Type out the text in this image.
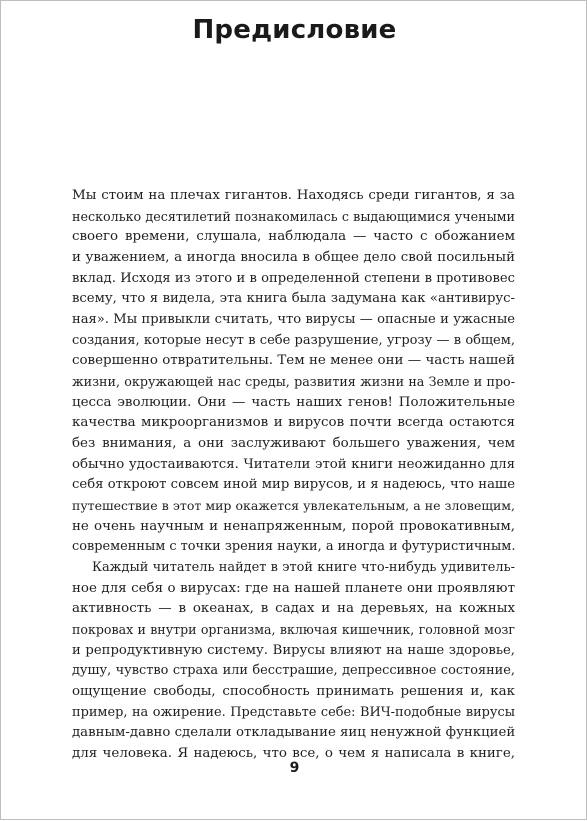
Предисловие
Мы стоим на плечах гигантов. Находясь среди гигантов, я за
несколько десятилетий познакомилась с выдающимися учеными
своего времени, слушала, наблюдала — часто с обожанием
и уважением, а иногда вносила в общее дело свой посильный
вклад. Исходя из этого и в определенной степени в противовес
всему, что я видела, эта книга была задумана как «антивирус-
ная». Мы привыкли считать, что вирусы — опасные и ужасные
создания, которые несут в себе разрушение, угрозу — в общем,
совершенно отвратительны. Тем не менее они — часть нашей
жизни, окружающей нас среды, развития жизни на Земле и про-
цесса эволюции. Они — часть наших генов! Положительные
качества микроорганизмов и вирусов почти всегда остаются
без внимания, а они заслуживают большего уважения, чем
обычно удостаиваются. Читатели этой книги неожиданно для
себя откроют совсем иной мир вирусов, и я надеюсь, что наше
путешествие в этот мир окажется увлекательным, а не зловещим,
не очень научным и ненапряженным, порой провокативным,
современным с точки зрения науки, а иногда и футуристичным.
Каждый читатель найдет в этой книге что-нибудь удивитель-
ное для себя о вирусах: где на нашей планете они проявляют
активность — в океанах, в садах и на деревьях, на кожных
покровах и внутри организма, включая кишечник, головной мозг
и репродуктивную систему. Вирусы влияют на наше здоровье,
душу, чувство страха или бесстрашие, депрессивное состояние,
ощущение свободы, способность принимать решения и, как
пример, на ожирение. Представьте себе: ВИЧ-подобные вирусы
давным-давно сделали откладывание яиц ненужной функцией
для человека. Я надеюсь, что все, о чем я написала в книге,
9
